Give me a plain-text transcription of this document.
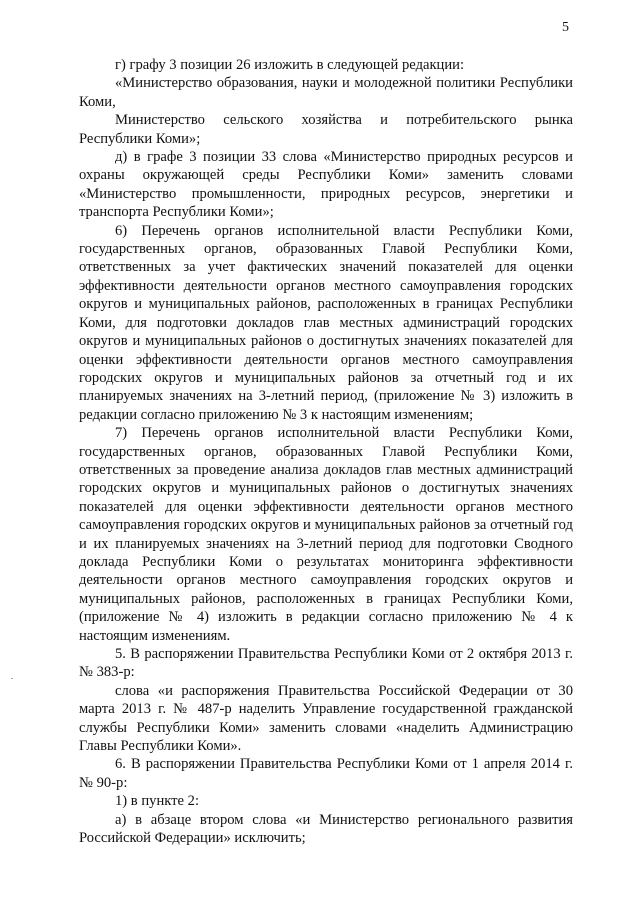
5

г) графу 3 позиции 26 изложить в следующей редакции:

«Министерство образования, науки и молодежной политики Республики Коми,

Министерство сельского хозяйства и потребительского рынка Республики Коми»;

д) в графе 3 позиции 33 слова «Министерство природных ресурсов и охраны окружающей среды Республики Коми» заменить словами «Министерство промышленности, природных ресурсов, энергетики и транспорта Республики Коми»;

6) Перечень органов исполнительной власти Республики Коми, государственных органов, образованных Главой Республики Коми, ответственных за учет фактических значений показателей для оценки эффективности деятельности органов местного самоуправления городских округов и муниципальных районов, расположенных в границах Республики Коми, для подготовки докладов глав местных администраций городских округов и муниципальных районов о достигнутых значениях показателей для оценки эффективности деятельности органов местного самоуправления городских округов и муниципальных районов за отчетный год и их планируемых значениях на 3-летний период, (приложение № 3) изложить в редакции согласно приложению № 3 к настоящим изменениям;

7) Перечень органов исполнительной власти Республики Коми, государственных органов, образованных Главой Республики Коми, ответственных за проведение анализа докладов глав местных администраций городских округов и муниципальных районов о достигнутых значениях показателей для оценки эффективности деятельности органов местного самоуправления городских округов и муниципальных районов за отчетный год и их планируемых значениях на 3-летний период для подготовки Сводного доклада Республики Коми о результатах мониторинга эффективности деятельности органов местного самоуправления городских округов и муниципальных районов, расположенных в границах Республики Коми, (приложение № 4) изложить в редакции согласно приложению № 4 к настоящим изменениям.

5. В распоряжении Правительства Республики Коми от 2 октября 2013 г. № 383-р:

слова «и распоряжения Правительства Российской Федерации от 30 марта 2013 г. № 487-р наделить Управление государственной гражданской службы Республики Коми» заменить словами «наделить Администрацию Главы Республики Коми».

6. В распоряжении Правительства Республики Коми от 1 апреля 2014 г. № 90-р:

1) в пункте 2:

а) в абзаце втором слова «и Министерство регионального развития Российской Федерации» исключить;
